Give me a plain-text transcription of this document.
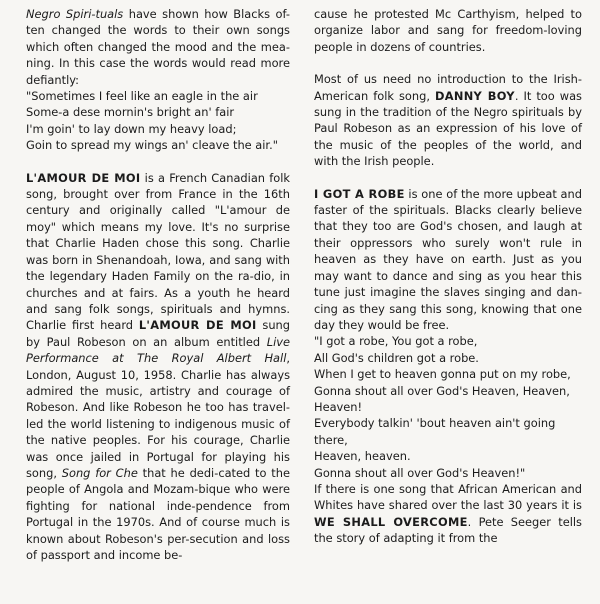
Negro Spiri-tuals have shown how Blacks of-ten changed the words to their own songs which often changed the mood and the mea-ning. In this case the words would read more defiantly:

"Sometimes I feel like an eagle in the air
Some-a dese mornin's bright an' fair
I'm goin' to lay down my heavy load;
Goin to spread my wings an' cleave the air."

L'AMOUR DE MOI is a French Canadian folk song, brought over from France in the 16th century and originally called "L'amour de moy" which means my love. It's no surprise that Charlie Haden chose this song. Charlie was born in Shenandoah, Iowa, and sang with the legendary Haden Family on the ra-dio, in churches and at fairs. As a youth he heard and sang folk songs, spirituals and hymns. Charlie first heard L'AMOUR DE MOI sung by Paul Robeson on an album entitled Live Performance at The Royal Albert Hall, London, August 10, 1958. Charlie has always admired the music, artistry and courage of Robeson. And like Robeson he too has travel-led the world listening to indigenous music of the native peoples. For his courage, Charlie was once jailed in Portugal for playing his song, Song for Che that he dedi-cated to the people of Angola and Mozam-bique who were fighting for national inde-pendence from Portugal in the 1970s. And of course much is known about Robeson's per-secution and loss of passport and income be-

cause he protested Mc Carthyism, helped to organize labor and sang for freedom-loving people in dozens of countries.

Most of us need no introduction to the Irish-American folk song, DANNY BOY. It too was sung in the tradition of the Negro spirituals by Paul Robeson as an expression of his love of the music of the peoples of the world, and with the Irish people.

I GOT A ROBE is one of the more upbeat and faster of the spirituals. Blacks clearly believe that they too are God's chosen, and laugh at their oppressors who surely won't rule in heaven as they have on earth. Just as you may want to dance and sing as you hear this tune just imagine the slaves singing and dan-cing as they sang this song, knowing that one day they would be free.

"I got a robe, You got a robe,
All God's children got a robe.
When I get to heaven gonna put on my robe,
Gonna shout all over God's Heaven, Heaven, Heaven!
Everybody talkin' 'bout heaven ain't going there,
Heaven, heaven.
Gonna shout all over God's Heaven!"

If there is one song that African American and Whites have shared over the last 30 years it is WE SHALL OVERCOME. Pete Seeger tells the story of adapting it from the
